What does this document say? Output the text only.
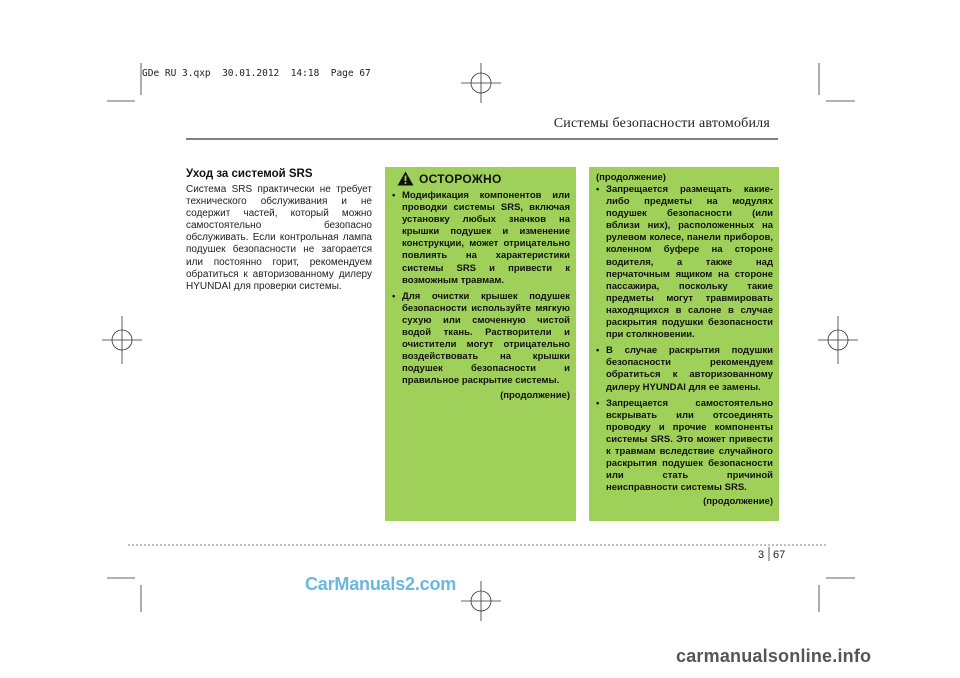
GDe RU 3.qxp  30.01.2012  14:18  Page 67
Системы безопасности автомобиля
Уход за системой SRS

Система SRS практически не требует технического обслуживания и не содержит частей, который можно самостоятельно безопасно обслуживать. Если контрольная лампа подушек безопасности не загорается или постоянно горит, рекомендуем обратиться к авторизованному дилеру HYUNDAI для проверки системы.

ОСТОРОЖНО
• Модификация компонентов или проводки системы SRS, включая установку любых значков на крышки подушек и изменение конструкции, может отрицательно повлиять на характеристики системы SRS и привести к возможным травмам.
• Для очистки крышек подушек безопасности используйте мягкую сухую или смоченную чистой водой ткань. Растворители и очистители могут отрицательно воздействовать на крышки подушек безопасности и правильное раскрытие системы.
(продолжение)
(продолжение)
• Запрещается размещать какие-либо предметы на модулях подушек безопасности (или вблизи них), расположенных на рулевом колесе, панели приборов, коленном буфере на стороне водителя, а также над перчаточным ящиком на стороне пассажира, поскольку такие предметы могут травмировать находящихся в салоне в случае раскрытия подушки безопасности при столкновении.
• В случае раскрытия подушки безопасности рекомендуем обратиться к авторизованному дилеру HYUNDAI для ее замены.
• Запрещается самостоятельно вскрывать или отсоединять проводку и прочие компоненты системы SRS. Это может привести к травмам вследствие случайного раскрытия подушек безопасности или стать причиной неисправности системы SRS.
(продолжение)
3 67
CarManuals2.com
carmanualsonline.info
